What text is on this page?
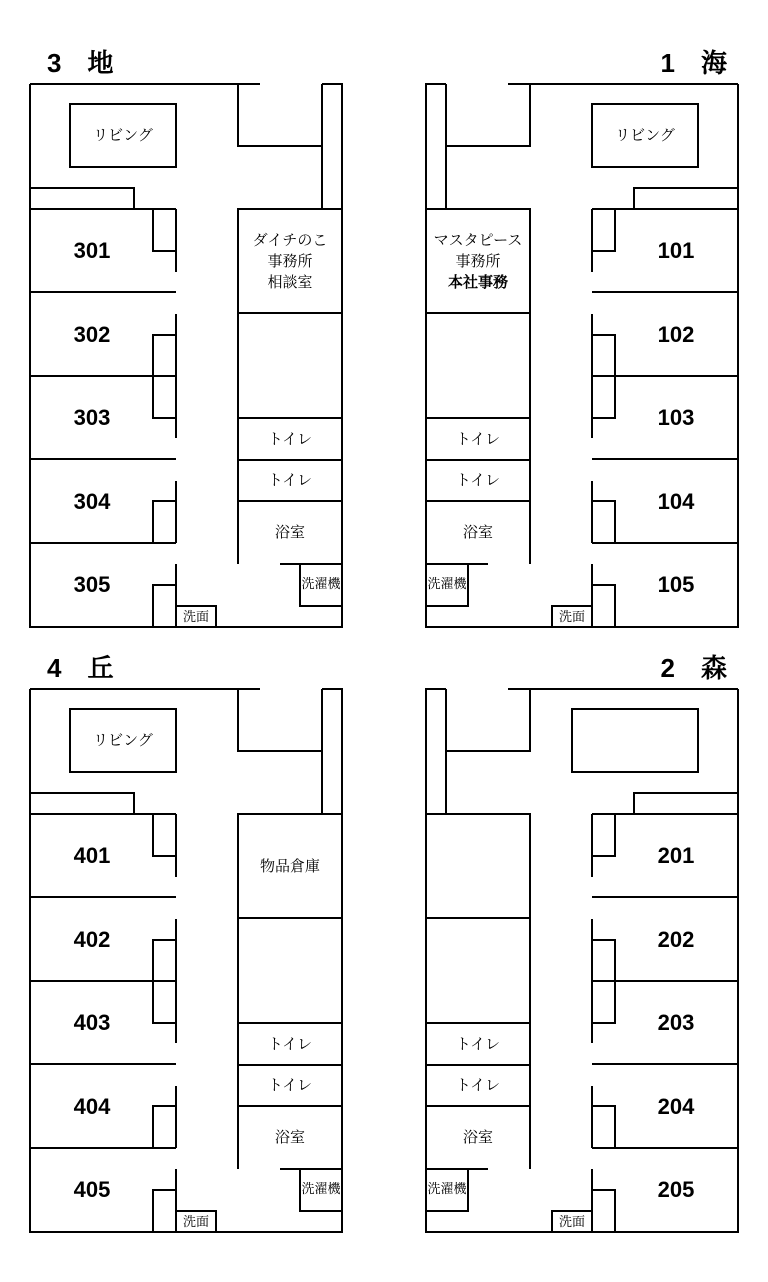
3　地
リビング
301
302
303
304
305
ダイチのこ
事務所
相談室
トイレ
トイレ
浴室
洗濯機
洗面
1　海
リビング
101
102
103
104
105
マスタピース
事務所
本社事務
トイレ
トイレ
浴室
洗濯機
洗面
4　丘
リビング
401
402
403
404
405
物品倉庫
トイレ
トイレ
浴室
洗濯機
洗面
2　森
201
202
203
204
205
トイレ
トイレ
浴室
洗濯機
洗面
